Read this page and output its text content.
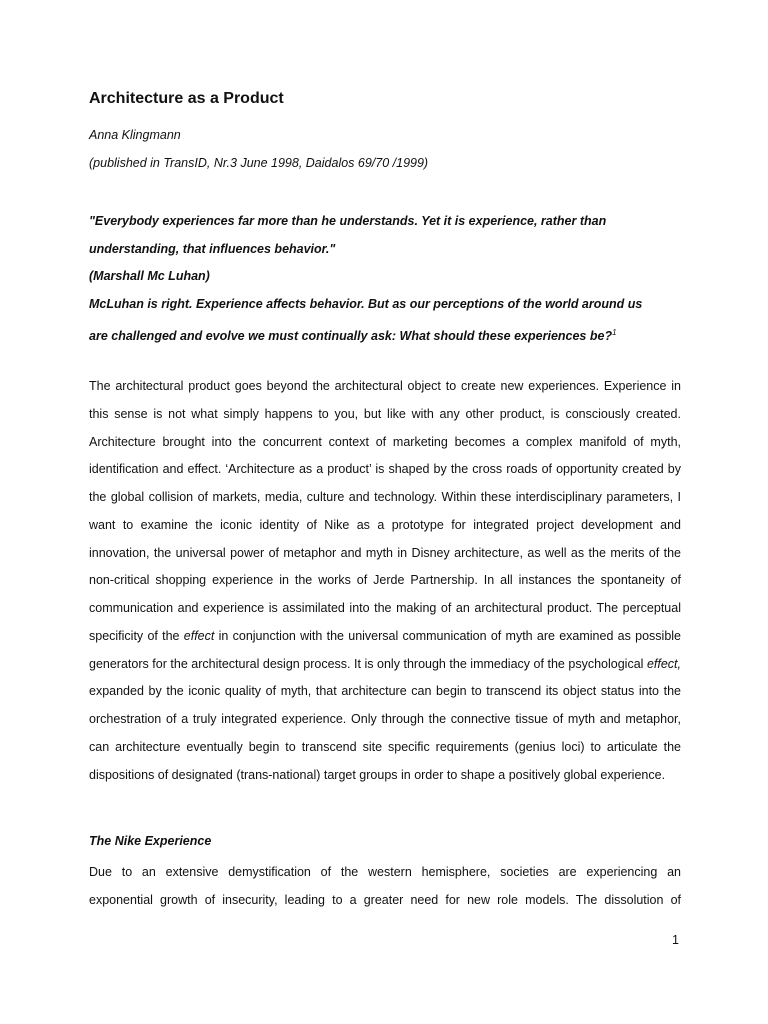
Architecture as a Product
Anna Klingmann
(published in TransID, Nr.3 June 1998, Daidalos 69/70 /1999)
"Everybody experiences far more than he understands. Yet it is experience, rather than
understanding, that influences behavior."
(Marshall Mc Luhan)
McLuhan is right. Experience affects behavior. But as our perceptions of the world around us
are challenged and evolve we must continually ask: What should these experiences be?$^1$
The architectural product goes beyond the architectural object to create new experiences. Experience in this sense is not what simply happens to you, but like with any other product, is consciously created. Architecture brought into the concurrent context of marketing becomes a complex manifold of myth, identification and effect. ‘Architecture as a product’ is shaped by the cross roads of opportunity created by the global collision of markets, media, culture and technology. Within these interdisciplinary parameters, I want to examine the iconic identity of Nike as a prototype for integrated project development and innovation, the universal power of metaphor and myth in Disney architecture, as well as the merits of the non-critical shopping experience in the works of Jerde Partnership. In all instances the spontaneity of communication and experience is assimilated into the making of an architectural product. The perceptual specificity of the effect in conjunction with the universal communication of myth are examined as possible generators for the architectural design process. It is only through the immediacy of the psychological effect, expanded by the iconic quality of myth, that architecture can begin to transcend its object status into the orchestration of a truly integrated experience. Only through the connective tissue of myth and metaphor, can architecture eventually begin to transcend site specific requirements (genius loci) to articulate the dispositions of designated (trans-national) target groups in order to shape a positively global experience.
The Nike Experience
Due to an extensive demystification of the western hemisphere, societies are experiencing an
exponential growth of insecurity, leading to a greater need for new role models. The dissolution of
1
